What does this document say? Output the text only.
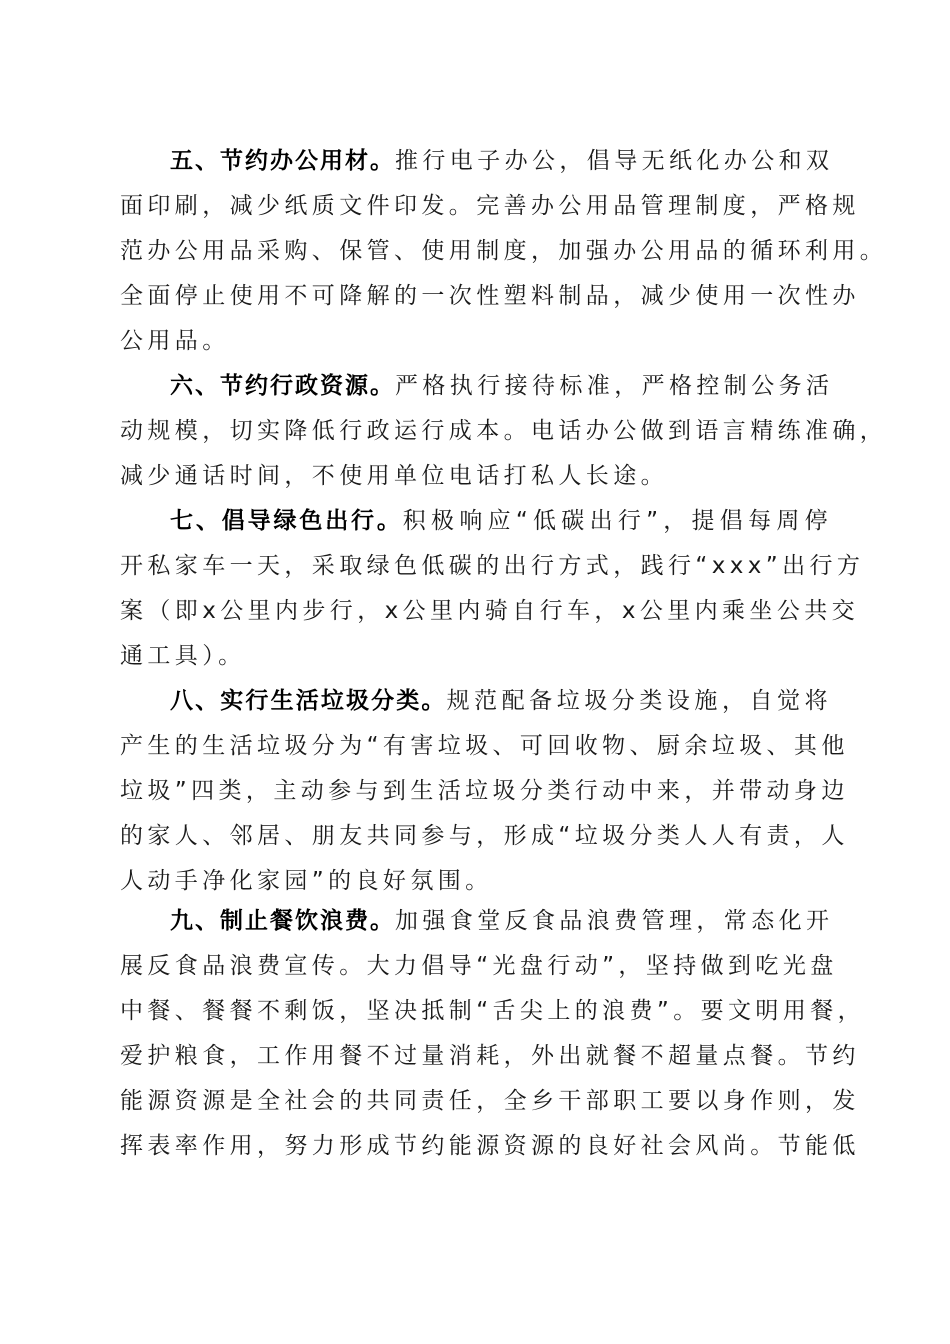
五、节约办公用材。推行电子办公，倡导无纸化办公和双
面印刷，减少纸质文件印发。完善办公用品管理制度，严格规
范办公用品采购、保管、使用制度，加强办公用品的循环利用。
全面停止使用不可降解的一次性塑料制品，减少使用一次性办
公用品。
六、节约行政资源。严格执行接待标准，严格控制公务活
动规模，切实降低行政运行成本。电话办公做到语言精练准确，
减少通话时间，不使用单位电话打私人长途。
七、倡导绿色出行。积极响应“低碳出行”，提倡每周停
开私家车一天，采取绿色低碳的出行方式，践行“xxx”出行方
案（即x公里内步行，x公里内骑自行车，x公里内乘坐公共交
通工具）。
八、实行生活垃圾分类。规范配备垃圾分类设施，自觉将
产生的生活垃圾分为“有害垃圾、可回收物、厨余垃圾、其他
垃圾”四类，主动参与到生活垃圾分类行动中来，并带动身边
的家人、邻居、朋友共同参与，形成“垃圾分类人人有责，人
人动手净化家园”的良好氛围。
九、制止餐饮浪费。加强食堂反食品浪费管理，常态化开
展反食品浪费宣传。大力倡导“光盘行动”，坚持做到吃光盘
中餐、餐餐不剩饭，坚决抵制“舌尖上的浪费”。要文明用餐，
爱护粮食，工作用餐不过量消耗，外出就餐不超量点餐。节约
能源资源是全社会的共同责任，全乡干部职工要以身作则，发
挥表率作用，努力形成节约能源资源的良好社会风尚。节能低
